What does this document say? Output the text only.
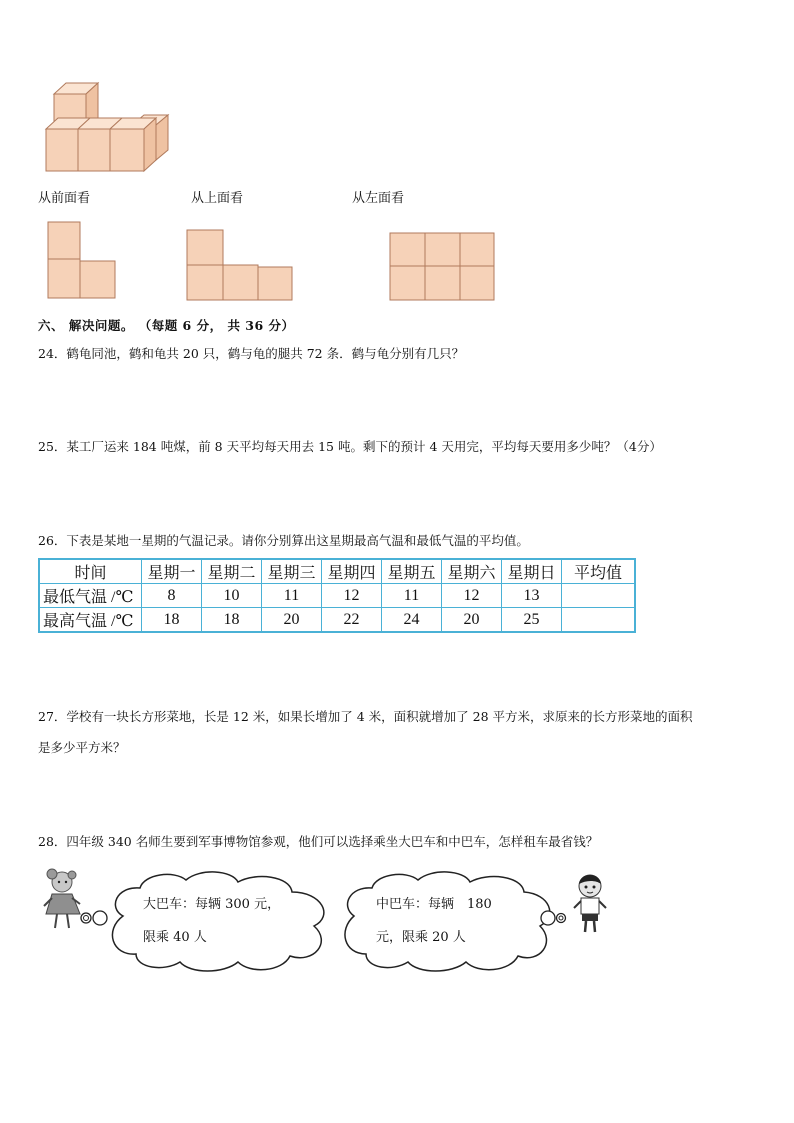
从前面看	从上面看	从左面看
六、 解决问题。 （每题 6 分， 共 36 分）
24．鹤龟同池，鹤和龟共 20 只，鹤与龟的腿共 72 条．鹤与龟分别有几只？
25．某工厂运来 184 吨煤，前 8 天平均每天用去 15 吨。剩下的预计 4 天用完，平均每天要用多少吨？（4分）
26．下表是某地一星期的气温记录。请你分别算出这星期最高气温和最低气温的平均值。
时间	星期一	星期二	星期三	星期四	星期五	星期六	星期日	平均值
最低气温 /℃	8	10	11	12	11	12	13	
最高气温 /℃	18	18	20	22	24	20	25	
27．学校有一块长方形菜地，长是 12 米，如果长增加了 4 米，面积就增加了 28 平方米，求原来的长方形菜地的面积
是多少平方米？
28．四年级 340 名师生要到军事博物馆参观，他们可以选择乘坐大巴车和中巴车，怎样租车最省钱？
大巴车：每辆 300 元，
限乘 40 人
中巴车：每辆　180
元，限乘 20 人
